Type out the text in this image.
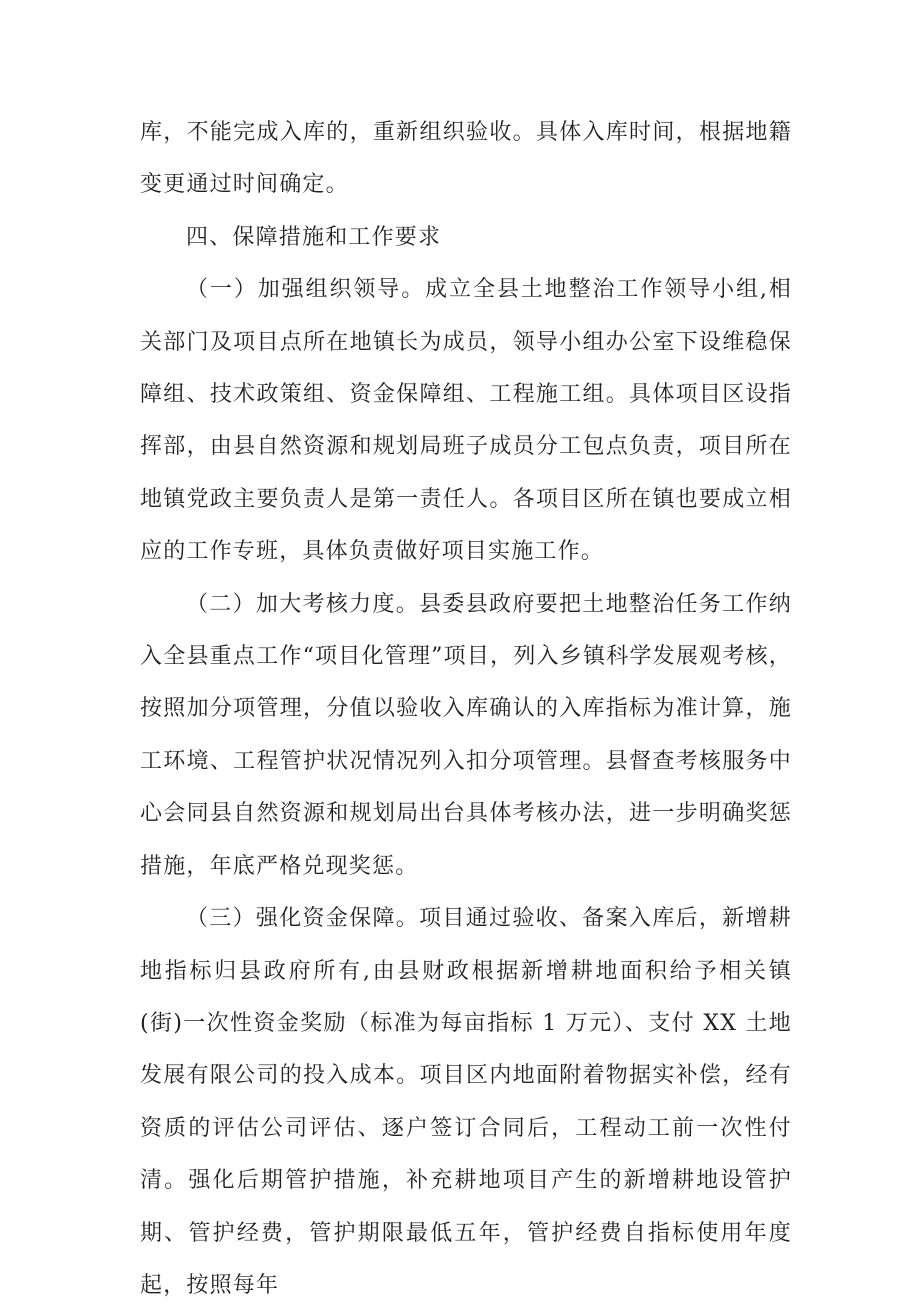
库，不能完成入库的，重新组织验收。具体入库时间，根据地籍变更通过时间确定。

四、保障措施和工作要求

（一）加强组织领导。成立全县土地整治工作领导小组,相关部门及项目点所在地镇长为成员，领导小组办公室下设维稳保障组、技术政策组、资金保障组、工程施工组。具体项目区设指挥部，由县自然资源和规划局班子成员分工包点负责，项目所在地镇党政主要负责人是第一责任人。各项目区所在镇也要成立相应的工作专班，具体负责做好项目实施工作。

（二）加大考核力度。县委县政府要把土地整治任务工作纳入全县重点工作“项目化管理”项目，列入乡镇科学发展观考核，按照加分项管理，分值以验收入库确认的入库指标为准计算，施工环境、工程管护状况情况列入扣分项管理。县督查考核服务中心会同县自然资源和规划局出台具体考核办法，进一步明确奖惩措施，年底严格兑现奖惩。

（三）强化资金保障。项目通过验收、备案入库后，新增耕地指标归县政府所有,由县财政根据新增耕地面积给予相关镇(街)一次性资金奖励（标准为每亩指标 1 万元）、支付 XX 土地发展有限公司的投入成本。项目区内地面附着物据实补偿，经有资质的评估公司评估、逐户签订合同后，工程动工前一次性付清。强化后期管护措施，补充耕地项目产生的新增耕地设管护期、管护经费，管护期限最低五年，管护经费自指标使用年度起，按照每年
